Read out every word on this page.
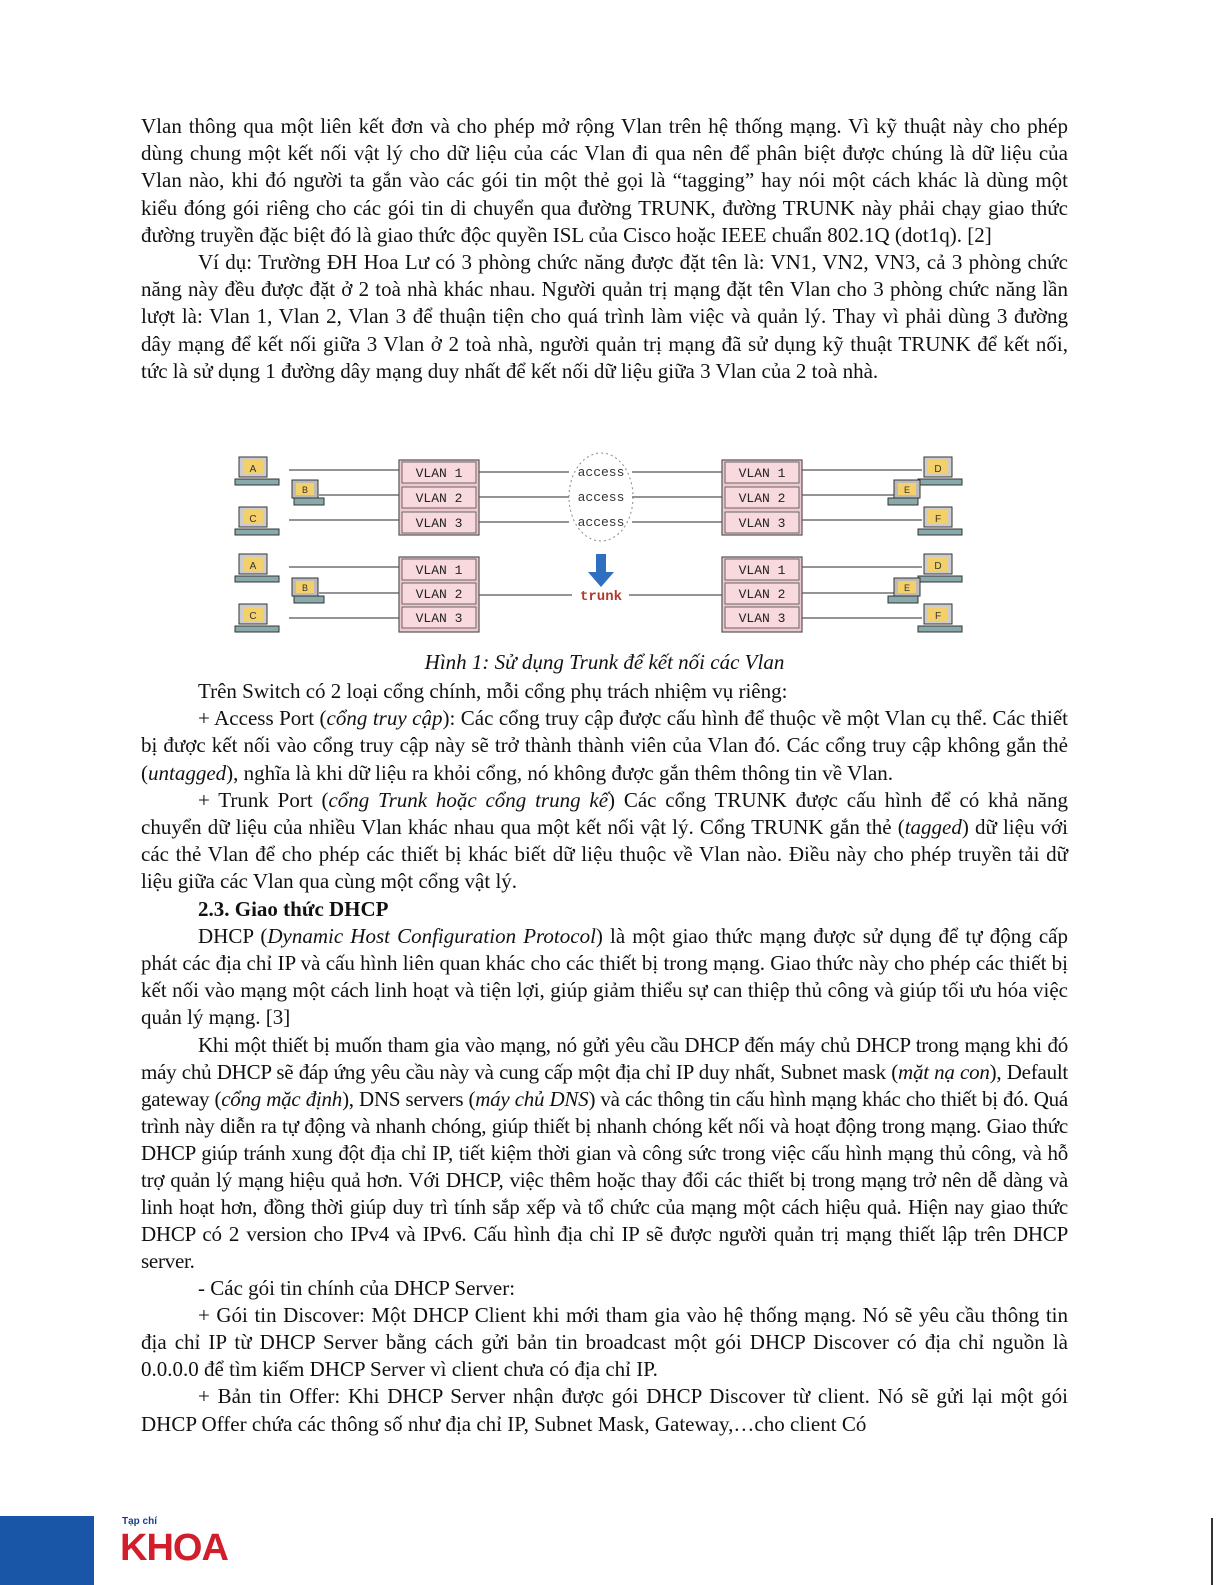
Vlan thông qua một liên kết đơn và cho phép mở rộng Vlan trên hệ thống mạng. Vì kỹ thuật này cho phép dùng chung một kết nối vật lý cho dữ liệu của các Vlan đi qua nên để phân biệt được chúng là dữ liệu của Vlan nào, khi đó người ta gắn vào các gói tin một thẻ gọi là “tagging” hay nói một cách khác là dùng một kiểu đóng gói riêng cho các gói tin di chuyển qua đường TRUNK, đường TRUNK này phải chạy giao thức đường truyền đặc biệt đó là giao thức độc quyền ISL của Cisco hoặc IEEE chuẩn 802.1Q (dot1q). [2]

Ví dụ: Trường ĐH Hoa Lư có 3 phòng chức năng được đặt tên là: VN1, VN2, VN3, cả 3 phòng chức năng này đều được đặt ở 2 toà nhà khác nhau. Người quản trị mạng đặt tên Vlan cho 3 phòng chức năng lần lượt là: Vlan 1, Vlan 2, Vlan 3 để thuận tiện cho quá trình làm việc và quản lý. Thay vì phải dùng 3 đường dây mạng để kết nối giữa 3 Vlan ở 2 toà nhà, người quản trị mạng đã sử dụng kỹ thuật TRUNK để kết nối, tức là sử dụng 1 đường dây mạng duy nhất để kết nối dữ liệu giữa 3 Vlan của 2 toà nhà.

VLAN 1
VLAN 2
VLAN 3
VLAN 1
VLAN 2
VLAN 3
VLAN 1
VLAN 2
VLAN 3
VLAN 1
VLAN 2
VLAN 3
access
access
access
trunk
A
B
C
A
B
C
D
E
F
D
E
F
Hình 1: Sử dụng Trunk để kết nối các Vlan

Trên Switch có 2 loại cổng chính, mỗi cổng phụ trách nhiệm vụ riêng:

+ Access Port (cổng truy cập): Các cổng truy cập được cấu hình để thuộc về một Vlan cụ thể. Các thiết bị được kết nối vào cổng truy cập này sẽ trở thành thành viên của Vlan đó. Các cổng truy cập không gắn thẻ (untagged), nghĩa là khi dữ liệu ra khỏi cổng, nó không được gắn thêm thông tin về Vlan.

+ Trunk Port (cổng Trunk hoặc cổng trung kế) Các cổng TRUNK được cấu hình để có khả năng chuyển dữ liệu của nhiều Vlan khác nhau qua một kết nối vật lý. Cổng TRUNK gắn thẻ (tagged) dữ liệu với các thẻ Vlan để cho phép các thiết bị khác biết dữ liệu thuộc về Vlan nào. Điều này cho phép truyền tải dữ liệu giữa các Vlan qua cùng một cổng vật lý.

2.3. Giao thức DHCP

DHCP (Dynamic Host Configuration Protocol) là một giao thức mạng được sử dụng để tự động cấp phát các địa chỉ IP và cấu hình liên quan khác cho các thiết bị trong mạng. Giao thức này cho phép các thiết bị kết nối vào mạng một cách linh hoạt và tiện lợi, giúp giảm thiểu sự can thiệp thủ công và giúp tối ưu hóa việc quản lý mạng. [3]

Khi một thiết bị muốn tham gia vào mạng, nó gửi yêu cầu DHCP đến máy chủ DHCP trong mạng khi đó máy chủ DHCP sẽ đáp ứng yêu cầu này và cung cấp một địa chỉ IP duy nhất, Subnet mask (mặt nạ con), Default gateway (cổng mặc định), DNS servers (máy chủ DNS) và các thông tin cấu hình mạng khác cho thiết bị đó. Quá trình này diễn ra tự động và nhanh chóng, giúp thiết bị nhanh chóng kết nối và hoạt động trong mạng. Giao thức DHCP giúp tránh xung đột địa chỉ IP, tiết kiệm thời gian và công sức trong việc cấu hình mạng thủ công, và hỗ trợ quản lý mạng hiệu quả hơn. Với DHCP, việc thêm hoặc thay đổi các thiết bị trong mạng trở nên dễ dàng và linh hoạt hơn, đồng thời giúp duy trì tính sắp xếp và tổ chức của mạng một cách hiệu quả. Hiện nay giao thức DHCP có 2 version cho IPv4 và IPv6. Cấu hình địa chỉ IP sẽ được người quản trị mạng thiết lập trên DHCP server.

- Các gói tin chính của DHCP Server:

+ Gói tin Discover: Một DHCP Client khi mới tham gia vào hệ thống mạng. Nó sẽ yêu cầu thông tin địa chỉ IP từ DHCP Server bằng cách gửi bản tin broadcast một gói DHCP Discover có địa chỉ nguồn là 0.0.0.0 để tìm kiếm DHCP Server vì client chưa có địa chỉ IP.

+ Bản tin Offer: Khi DHCP Server nhận được gói DHCP Discover từ client. Nó sẽ gửi lại một gói DHCP Offer chứa các thông số như địa chỉ IP, Subnet Mask, Gateway,…cho client Có

Tạp chí
KHOA
